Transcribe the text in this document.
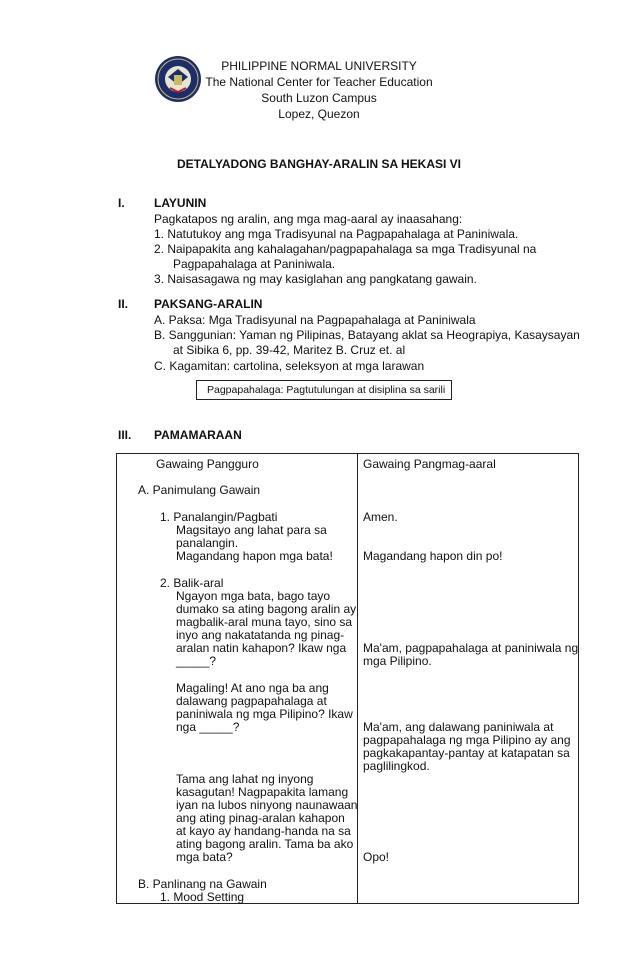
PHILIPPINE NORMAL UNIVERSITY
The National Center for Teacher Education
South Luzon Campus
Lopez, Quezon
DETALYADONG BANGHAY-ARALIN SA HEKASI VI
I. LAYUNIN
Pagkatapos ng aralin, ang mga mag-aaral ay inaasahang:
1. Natutukoy ang mga Tradisyunal na Pagpapahalaga at Paniniwala.
2. Naipapakita ang kahalagahan/pagpapahalaga sa mga Tradisyunal na
Pagpapahalaga at Paniniwala.
3. Naisasagawa ng may kasiglahan ang pangkatang gawain.
II. PAKSANG-ARALIN
A. Paksa: Mga Tradisyunal na Pagpapahalaga at Paniniwala
B. Sanggunian: Yaman ng Pilipinas, Batayang aklat sa Heograpiya, Kasaysayan
at Sibika 6, pp. 39-42, Maritez B. Cruz et. al
C. Kagamitan: cartolina, seleksyon at mga larawan
Pagpapahalaga: Pagtutulungan at disiplina sa sarili
III. PAMAMARAAN
Gawaing Pangguro	Gawaing Pangmag-aaral
A. Panimulang Gawain
1. Panalangin/Pagbati
Magsitayo ang lahat para sa
panalangin.
Magandang hapon mga bata!
2. Balik-aral
Ngayon mga bata, bago tayo
dumako sa ating bagong aralin ay
magbalik-aral muna tayo, sino sa
inyo ang nakatatanda ng pinag-
aralan natin kahapon? Ikaw nga
_____?
Magaling! At ano nga ba ang
dalawang pagpapahalaga at
paniniwala ng mga Pilipino? Ikaw
nga _____?
Tama ang lahat ng inyong
kasagutan! Nagpapakita lamang
iyan na lubos ninyong naunawaan
ang ating pinag-aralan kahapon
at kayo ay handang-handa na sa
ating bagong aralin. Tama ba ako
mga bata?
B. Panlinang na Gawain
1. Mood Setting
Amen.
Magandang hapon din po!
Ma'am, pagpapahalaga at paniniwala ng
mga Pilipino.
Ma'am, ang dalawang paniniwala at
pagpapahalaga ng mga Pilipino ay ang
pagkakapantay-pantay at katapatan sa
paglilingkod.
Opo!
